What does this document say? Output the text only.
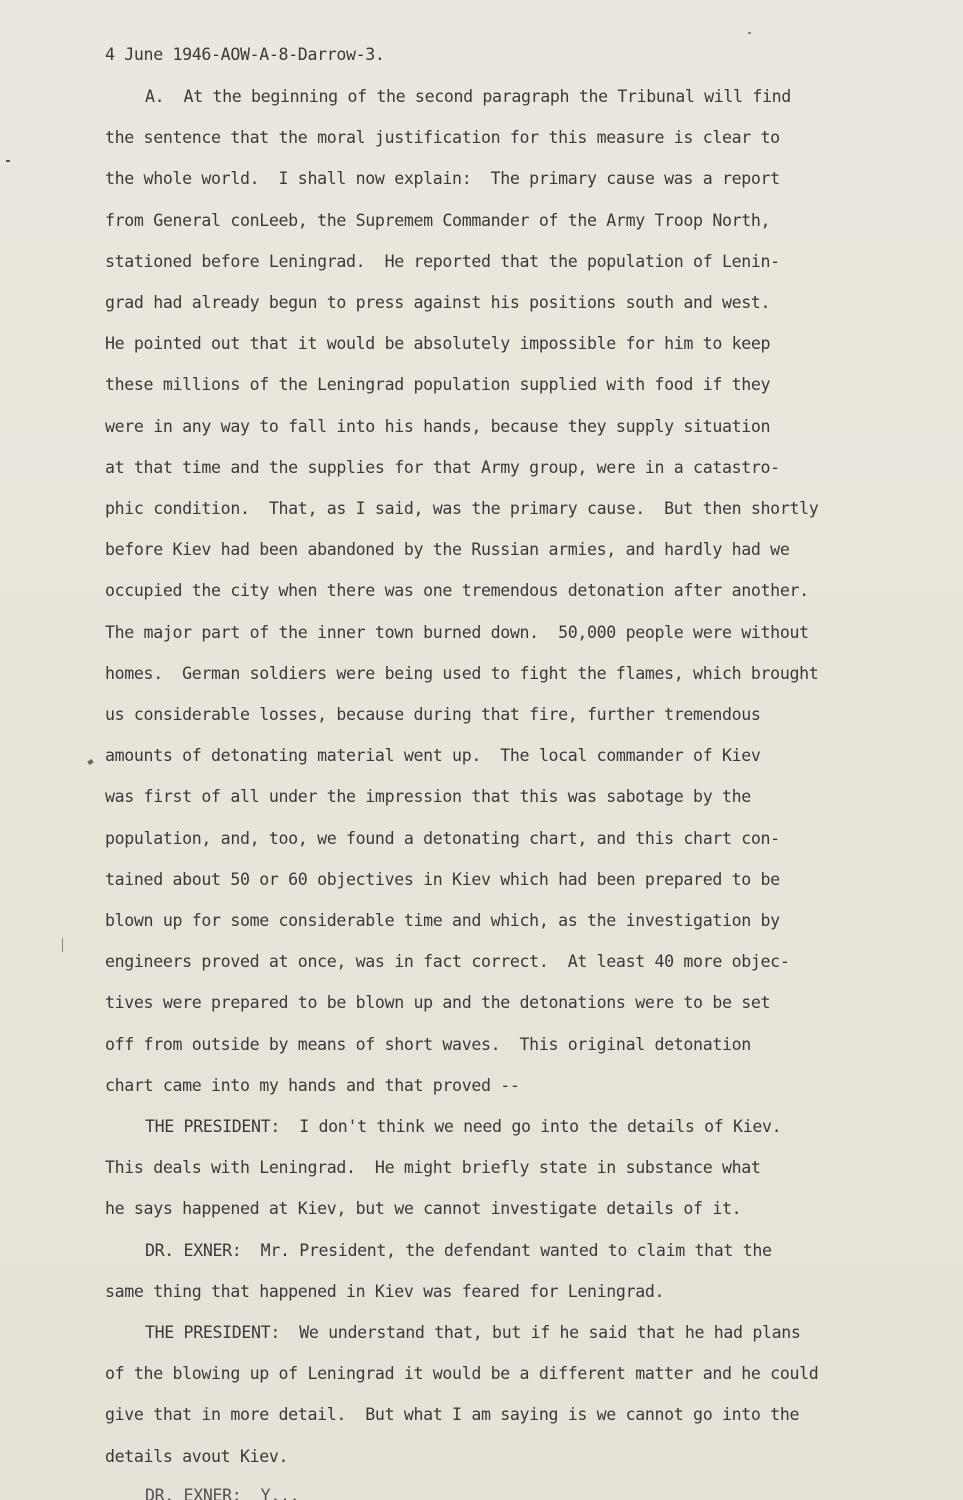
4 June 1946-AOW-A-8-Darrow-3.
A.  At the beginning of the second paragraph the Tribunal will find
the sentence that the moral justification for this measure is clear to
the whole world.  I shall now explain:  The primary cause was a report
from General conLeeb, the Supremem Commander of the Army Troop North,
stationed before Leningrad.  He reported that the population of Lenin-
grad had already begun to press against his positions south and west.
He pointed out that it would be absolutely impossible for him to keep
these millions of the Leningrad population supplied with food if they
were in any way to fall into his hands, because they supply situation
at that time and the supplies for that Army group, were in a catastro-
phic condition.  That, as I said, was the primary cause.  But then shortly
before Kiev had been abandoned by the Russian armies, and hardly had we
occupied the city when there was one tremendous detonation after another.
The major part of the inner town burned down.  50,000 people were without
homes.  German soldiers were being used to fight the flames, which brought
us considerable losses, because during that fire, further tremendous
amounts of detonating material went up.  The local commander of Kiev
was first of all under the impression that this was sabotage by the
population, and, too, we found a detonating chart, and this chart con-
tained about 50 or 60 objectives in Kiev which had been prepared to be
blown up for some considerable time and which, as the investigation by
engineers proved at once, was in fact correct.  At least 40 more objec-
tives were prepared to be blown up and the detonations were to be set
off from outside by means of short waves.  This original detonation
chart came into my hands and that proved --
THE PRESIDENT:  I don't think we need go into the details of Kiev.
This deals with Leningrad.  He might briefly state in substance what
he says happened at Kiev, but we cannot investigate details of it.
DR. EXNER:  Mr. President, the defendant wanted to claim that the
same thing that happened in Kiev was feared for Leningrad.
THE PRESIDENT:  We understand that, but if he said that he had plans
of the blowing up of Leningrad it would be a different matter and he could
give that in more detail.  But what I am saying is we cannot go into the
details avout Kiev.
DR. EXNER:  Y...
